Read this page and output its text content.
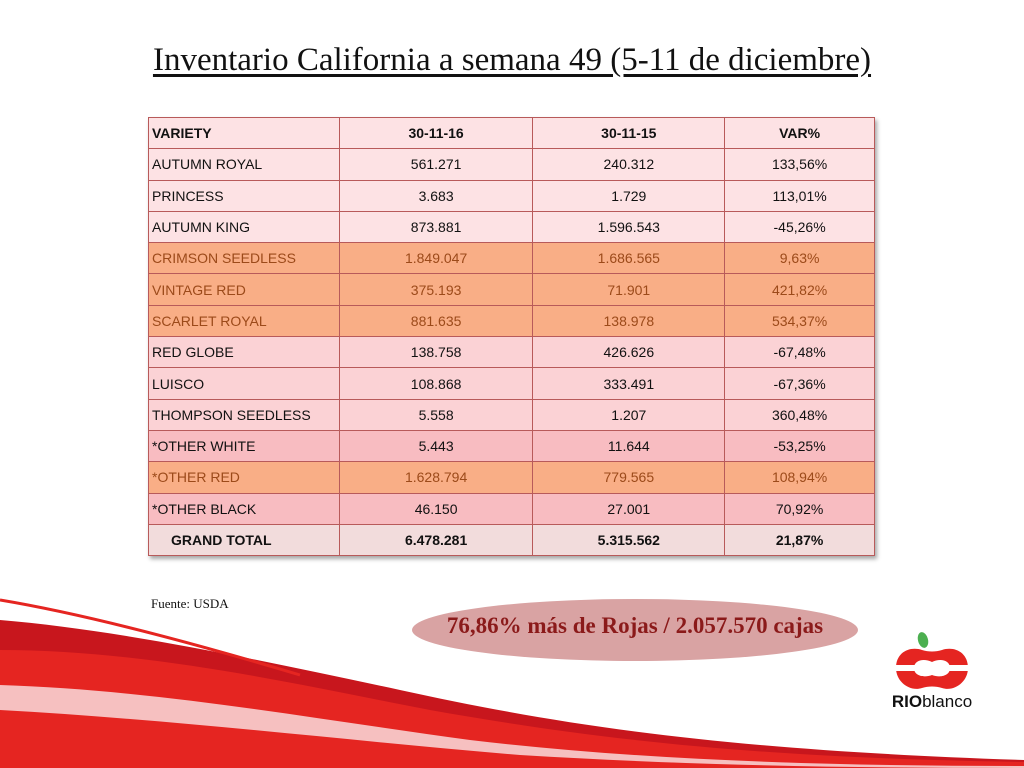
Inventario California a semana 49 (5-11 de diciembre)
VARIETY	30-11-16	30-11-15	VAR%
AUTUMN ROYAL	561.271	240.312	133,56%
PRINCESS	3.683	1.729	113,01%
AUTUMN KING	873.881	1.596.543	-45,26%
CRIMSON SEEDLESS	1.849.047	1.686.565	9,63%
VINTAGE RED	375.193	71.901	421,82%
SCARLET ROYAL	881.635	138.978	534,37%
RED GLOBE	138.758	426.626	-67,48%
LUISCO	108.868	333.491	-67,36%
THOMPSON SEEDLESS	5.558	1.207	360,48%
*OTHER WHITE	5.443	11.644	-53,25%
*OTHER RED	1.628.794	779.565	108,94%
*OTHER BLACK	46.150	27.001	70,92%
GRAND TOTAL	6.478.281	5.315.562	21,87%
Fuente: USDA
76,86% más de Rojas / 2.057.570 cajas
RIOblanco
